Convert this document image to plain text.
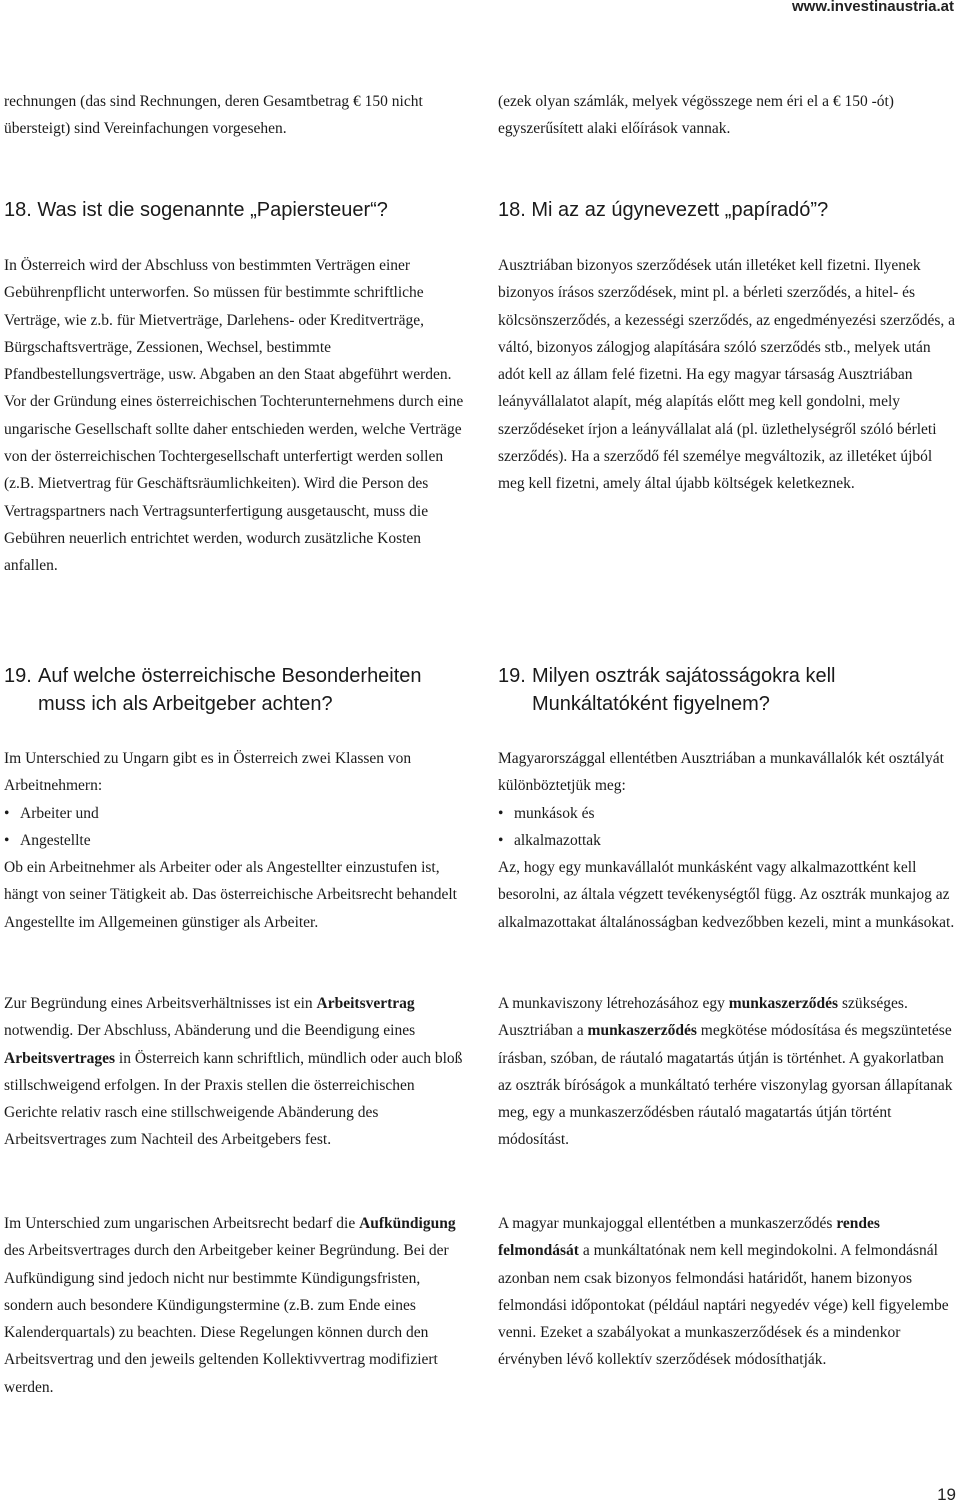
www.investinaustria.at

rechnungen (das sind Rechnungen, deren Gesamtbetrag € 150 nicht übersteigt) sind Vereinfachungen vorgesehen.

18. Was ist die sogenannte „Papiersteuer“?

In Österreich wird der Abschluss von bestimmten Verträgen einer Gebührenpflicht unterworfen. So müssen für bestimmte schriftliche Verträge, wie z.b. für Mietverträge, Darlehens- oder Kreditverträge, Bürgschaftsverträge, Zessionen, Wechsel, bestimmte Pfandbestellungsverträge, usw. Abgaben an den Staat abgeführt werden. Vor der Gründung eines österreichischen Tochterunternehmens durch eine ungarische Gesellschaft sollte daher entschieden werden, welche Verträge von der österreichischen Tochtergesellschaft unterfertigt werden sollen (z.B. Mietvertrag für Geschäftsräumlichkeiten). Wird die Person des Vertragspartners nach Vertragsunterfertigung ausgetauscht, muss die Gebühren neuerlich entrichtet werden, wodurch zusätzliche Kosten anfallen.

19. Auf welche österreichische Besonderheiten
muss ich als Arbeitgeber achten?
Im Unterschied zu Ungarn gibt es in Österreich zwei Klassen von Arbeitnehmern:
• Arbeiter und
• Angestellte
Ob ein Arbeitnehmer als Arbeiter oder als Angestellter einzustufen ist, hängt von seiner Tätigkeit ab. Das österreichische Arbeitsrecht behandelt Angestellte im Allgemeinen günstiger als Arbeiter.

Zur Begründung eines Arbeitsverhältnisses ist ein Arbeitsvertrag notwendig. Der Abschluss, Abänderung und die Beendigung eines Arbeitsvertrages in Österreich kann schriftlich, mündlich oder auch bloß stillschweigend erfolgen. In der Praxis stellen die österreichischen Gerichte relativ rasch eine stillschweigende Abänderung des Arbeitsvertrages zum Nachteil des Arbeitgebers fest.

Im Unterschied zum ungarischen Arbeitsrecht bedarf die Aufkündigung des Arbeitsvertrages durch den Arbeitgeber keiner Begründung. Bei der Aufkündigung sind jedoch nicht nur bestimmte Kündigungsfristen, sondern auch besondere Kündigungstermine (z.B. zum Ende eines Kalenderquartals) zu beachten. Diese Regelungen können durch den Arbeitsvertrag und den jeweils geltenden Kollektivvertrag modifiziert werden.

(ezek olyan számlák, melyek végösszege nem éri el a € 150 -ót) egyszerűsített alaki előírások vannak.

18. Mi az az úgynevezett „papíradó”?

Ausztriában bizonyos szerződések után illetéket kell fizetni. Ilyenek bizonyos írásos szerződések, mint pl. a bérleti szerződés, a hitel- és kölcsönszerződés, a kezességi szerződés, az engedményezési szerződés, a váltó, bizonyos zálogjog alapítására szóló szerződés stb., melyek után adót kell az állam felé fizetni. Ha egy magyar társaság Ausztriában leányvállalatot alapít, még alapítás előtt meg kell gondolni, mely szerződéseket írjon a leányvállalat alá (pl. üzlethelységről szóló bérleti szerződés). Ha a szerződő fél személye megváltozik, az illetéket újból meg kell fizetni, amely által újabb költségek keletkeznek.

19. Milyen osztrák sajátosságokra kell
Munkáltatóként figyelnem?
Magyarországgal ellentétben Ausztriában a munkavállalók két osztályát különböztetjük meg:
• munkások és
• alkalmazottak
Az, hogy egy munkavállalót munkásként vagy alkalmazottként kell besorolni, az általa végzett tevékenységtől függ. Az osztrák munkajog az alkalmazottakat általánosságban kedvezőbben kezeli, mint a munkásokat.

A munkaviszony létrehozásához egy munkaszerződés szükséges. Ausztriában a munkaszerződés megkötése módosítása és megszüntetése írásban, szóban, de ráutaló magatartás útján is történhet. A gyakorlatban az osztrák bíróságok a munkáltató terhére viszonylag gyorsan állapítanak meg, egy a munkaszerződésben ráutaló magatartás útján történt módosítást.

A magyar munkajoggal ellentétben a munkaszerződés rendes felmondását a munkáltatónak nem kell megindokolni. A felmondásnál azonban nem csak bizonyos felmondási határidőt, hanem bizonyos felmondási időpontokat (például naptári negyedév vége) kell figyelembe venni. Ezeket a szabályokat a munkaszerződések és a mindenkor érvényben lévő kollektív szerződések módosíthatják.

19
